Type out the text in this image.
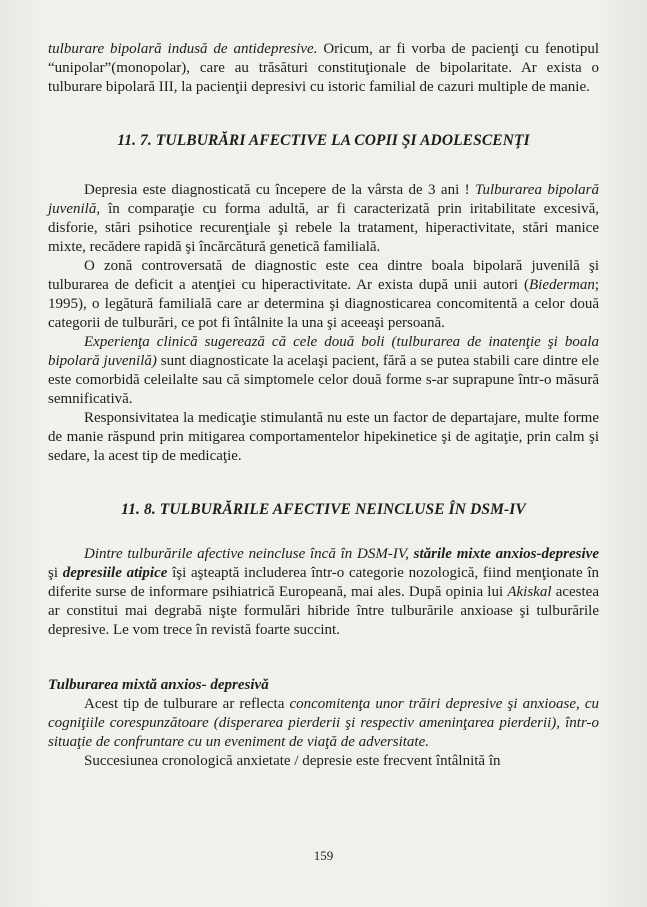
tulburare bipolară indusă de antidepresive. Oricum, ar fi vorba de pacienţi cu fenotipul “unipolar”(monopolar), care au trăsături constituţionale de bipolaritate. Ar exista o tulburare bipolară III, la pacienţii depresivi cu istoric familial de cazuri multiple de manie.

11. 7. TULBURĂRI AFECTIVE LA COPII ŞI ADOLESCENŢI

Depresia este diagnosticată cu începere de la vârsta de 3 ani ! Tulburarea bipolară juvenilă, în comparaţie cu forma adultă, ar fi caracterizată prin iritabilitate excesivă, disforie, stări psihotice recurenţiale şi rebele la tratament, hiperactivitate, stări manice mixte, recădere rapidă şi încărcătură genetică familială.

O zonă controversată de diagnostic este cea dintre boala bipolară juvenilă şi tulburarea de deficit a atenţiei cu hiperactivitate. Ar exista după unii autori (Biederman; 1995), o legătură familială care ar determina şi diagnosticarea concomitentă a celor două categorii de tulburări, ce pot fi întâlnite la una şi aceeaşi persoană.

Experienţa clinică sugerează că cele două boli (tulburarea de inatenţie şi boala bipolară juvenilă) sunt diagnosticate la acelaşi pacient, fără a se putea stabili care dintre ele este comorbidă celeilalte sau că simptomele celor două forme s-ar suprapune într-o măsură semnificativă.

Responsivitatea la medicaţie stimulantă nu este un factor de departajare, multe forme de manie răspund prin mitigarea comportamentelor hipekinetice şi de agitaţie, prin calm şi sedare, la acest tip de medicaţie.

11. 8. TULBURĂRILE AFECTIVE NEINCLUSE ÎN DSM-IV

Dintre tulburările afective neincluse încă în DSM-IV, stările mixte anxios-depresive şi depresiile atipice îşi aşteaptă includerea într-o categorie nozologică, fiind menţionate în diferite surse de informare psihiatrică Europeană, mai ales. După opinia lui Akiskal acestea ar constitui mai degrabă nişte formulări hibride între tulburările anxioase şi tulburările depresive. Le vom trece în revistă foarte succint.

Tulburarea mixtă anxios- depresivă

Acest tip de tulburare ar reflecta concomitenţa unor trăiri depresive şi anxioase, cu cogniţiile corespunzătoare (disperarea pierderii şi respectiv ameninţarea pierderii), într-o situaţie de confruntare cu un eveniment de viaţă de adversitate.

Succesiunea cronologică anxietate / depresie este frecvent întâlnită în

159
